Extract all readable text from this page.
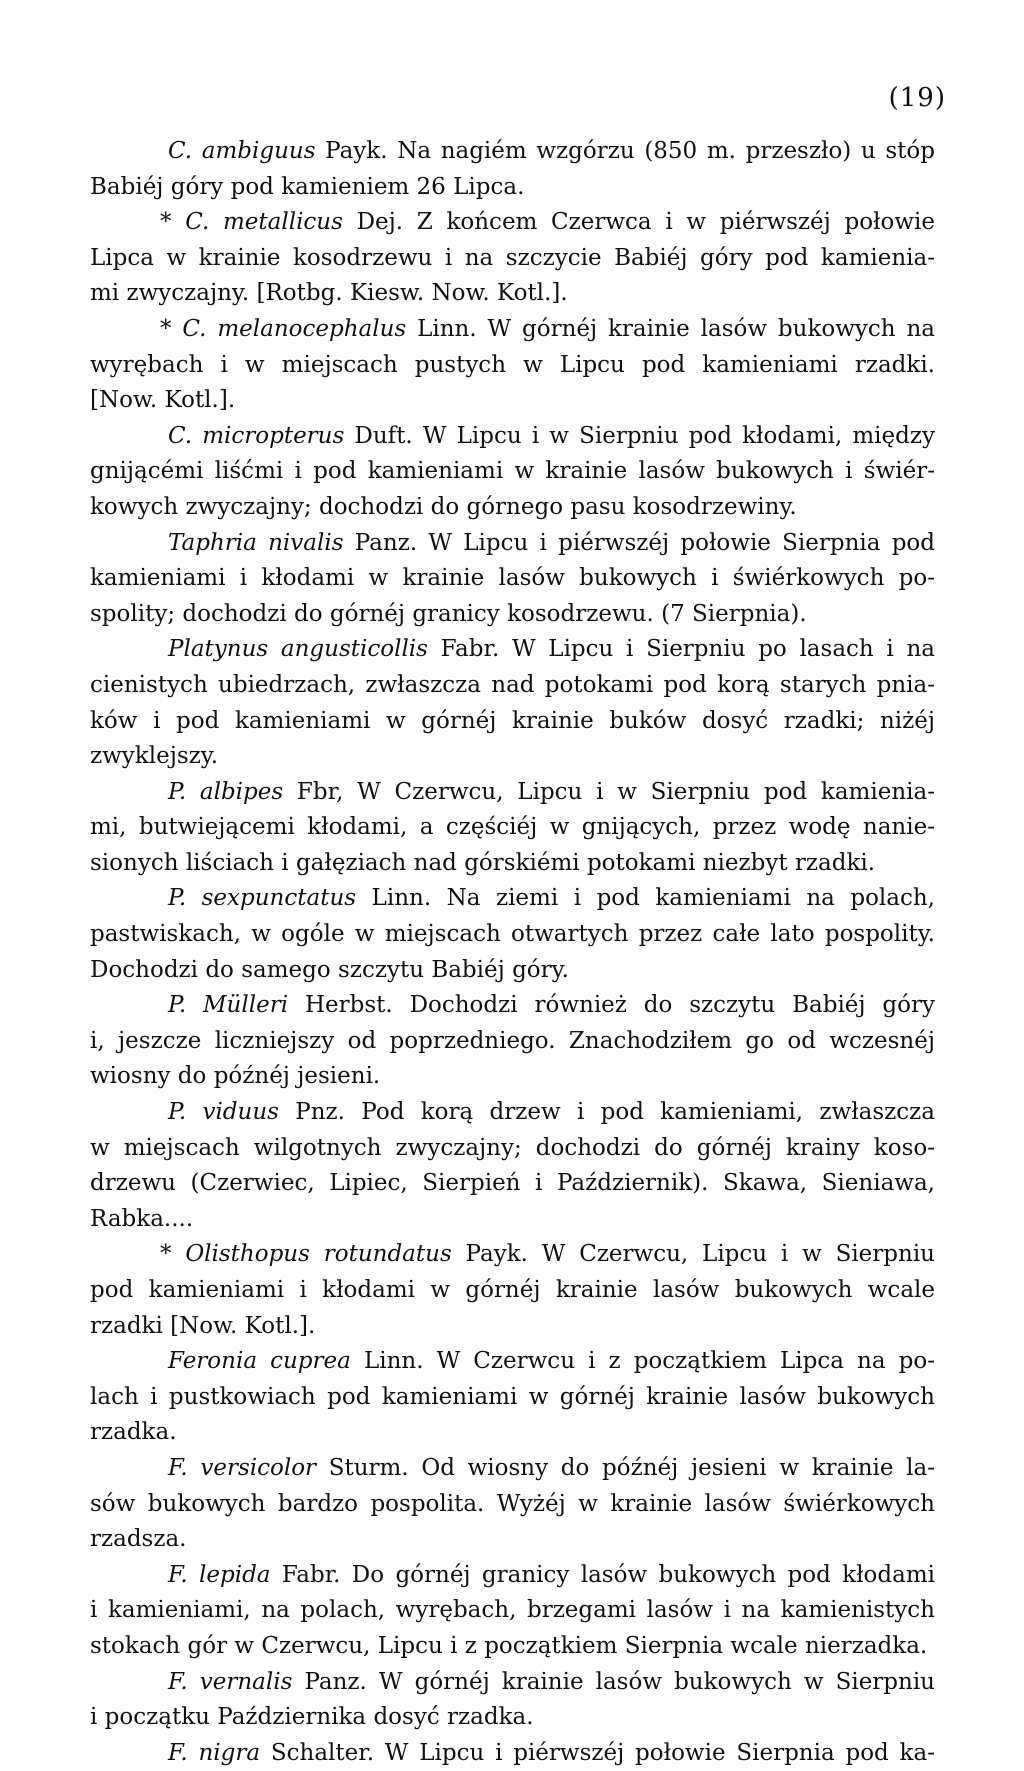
(19)
C. ambiguus Payk. Na nagiém wzgórzu (850 m. przeszło) u stóp
Babiéj góry pod kamieniem 26 Lipca.
* C. metallicus Dej. Z końcem Czerwca i w piérwszéj połowie
Lipca w krainie kosodrzewu i na szczycie Babiéj góry pod kamienia-
mi zwyczajny. [Rotbg. Kiesw. Now. Kotl.].
* C. melanocephalus Linn. W górnéj krainie lasów bukowych na
wyrębach i w miejscach pustych w Lipcu pod kamieniami rzadki.
[Now. Kotl.].
C. micropterus Duft. W Lipcu i w Sierpniu pod kłodami, między
gnijącémi liśćmi i pod kamieniami w krainie lasów bukowych i świér-
kowych zwyczajny; dochodzi do górnego pasu kosodrzewiny.
Taphria nivalis Panz. W Lipcu i piérwszéj połowie Sierpnia pod
kamieniami i kłodami w krainie lasów bukowych i świérkowych po-
spolity; dochodzi do górnéj granicy kosodrzewu. (7 Sierpnia).
Platynus angusticollis Fabr. W Lipcu i Sierpniu po lasach i na
cienistych ubiedrzach, zwłaszcza nad potokami pod korą starych pnia-
ków i pod kamieniami w górnéj krainie buków dosyć rzadki; niżéj
zwyklejszy.
P. albipes Fbr, W Czerwcu, Lipcu i w Sierpniu pod kamienia-
mi, butwiejącemi kłodami, a częściéj w gnijących, przez wodę nanie-
sionych liściach i gałęziach nad górskiémi potokami niezbyt rzadki.
P. sexpunctatus Linn. Na ziemi i pod kamieniami na polach,
pastwiskach, w ogóle w miejscach otwartych przez całe lato pospolity.
Dochodzi do samego szczytu Babiéj góry.
P. Mülleri Herbst. Dochodzi również do szczytu Babiéj góry
i, jeszcze liczniejszy od poprzedniego. Znachodziłem go od wczesnéj
wiosny do późnéj jesieni.
P. viduus Pnz. Pod korą drzew i pod kamieniami, zwłaszcza
w miejscach wilgotnych zwyczajny; dochodzi do górnéj krainy koso-
drzewu (Czerwiec, Lipiec, Sierpień i Październik). Skawa, Sieniawa,
Rabka....
* Olisthopus rotundatus Payk. W Czerwcu, Lipcu i w Sierpniu
pod kamieniami i kłodami w górnéj krainie lasów bukowych wcale
rzadki [Now. Kotl.].
Feronia cuprea Linn. W Czerwcu i z początkiem Lipca na po-
lach i pustkowiach pod kamieniami w górnéj krainie lasów bukowych
rzadka.
F. versicolor Sturm. Od wiosny do późnéj jesieni w krainie la-
sów bukowych bardzo pospolita. Wyżéj w krainie lasów świérkowych
rzadsza.
F. lepida Fabr. Do górnéj granicy lasów bukowych pod kłodami
i kamieniami, na polach, wyrębach, brzegami lasów i na kamienistych
stokach gór w Czerwcu, Lipcu i z początkiem Sierpnia wcale nierzadka.
F. vernalis Panz. W górnéj krainie lasów bukowych w Sierpniu
i początku Października dosyć rzadka.
F. nigra Schalter. W Lipcu i piérwszéj połowie Sierpnia pod ka-
